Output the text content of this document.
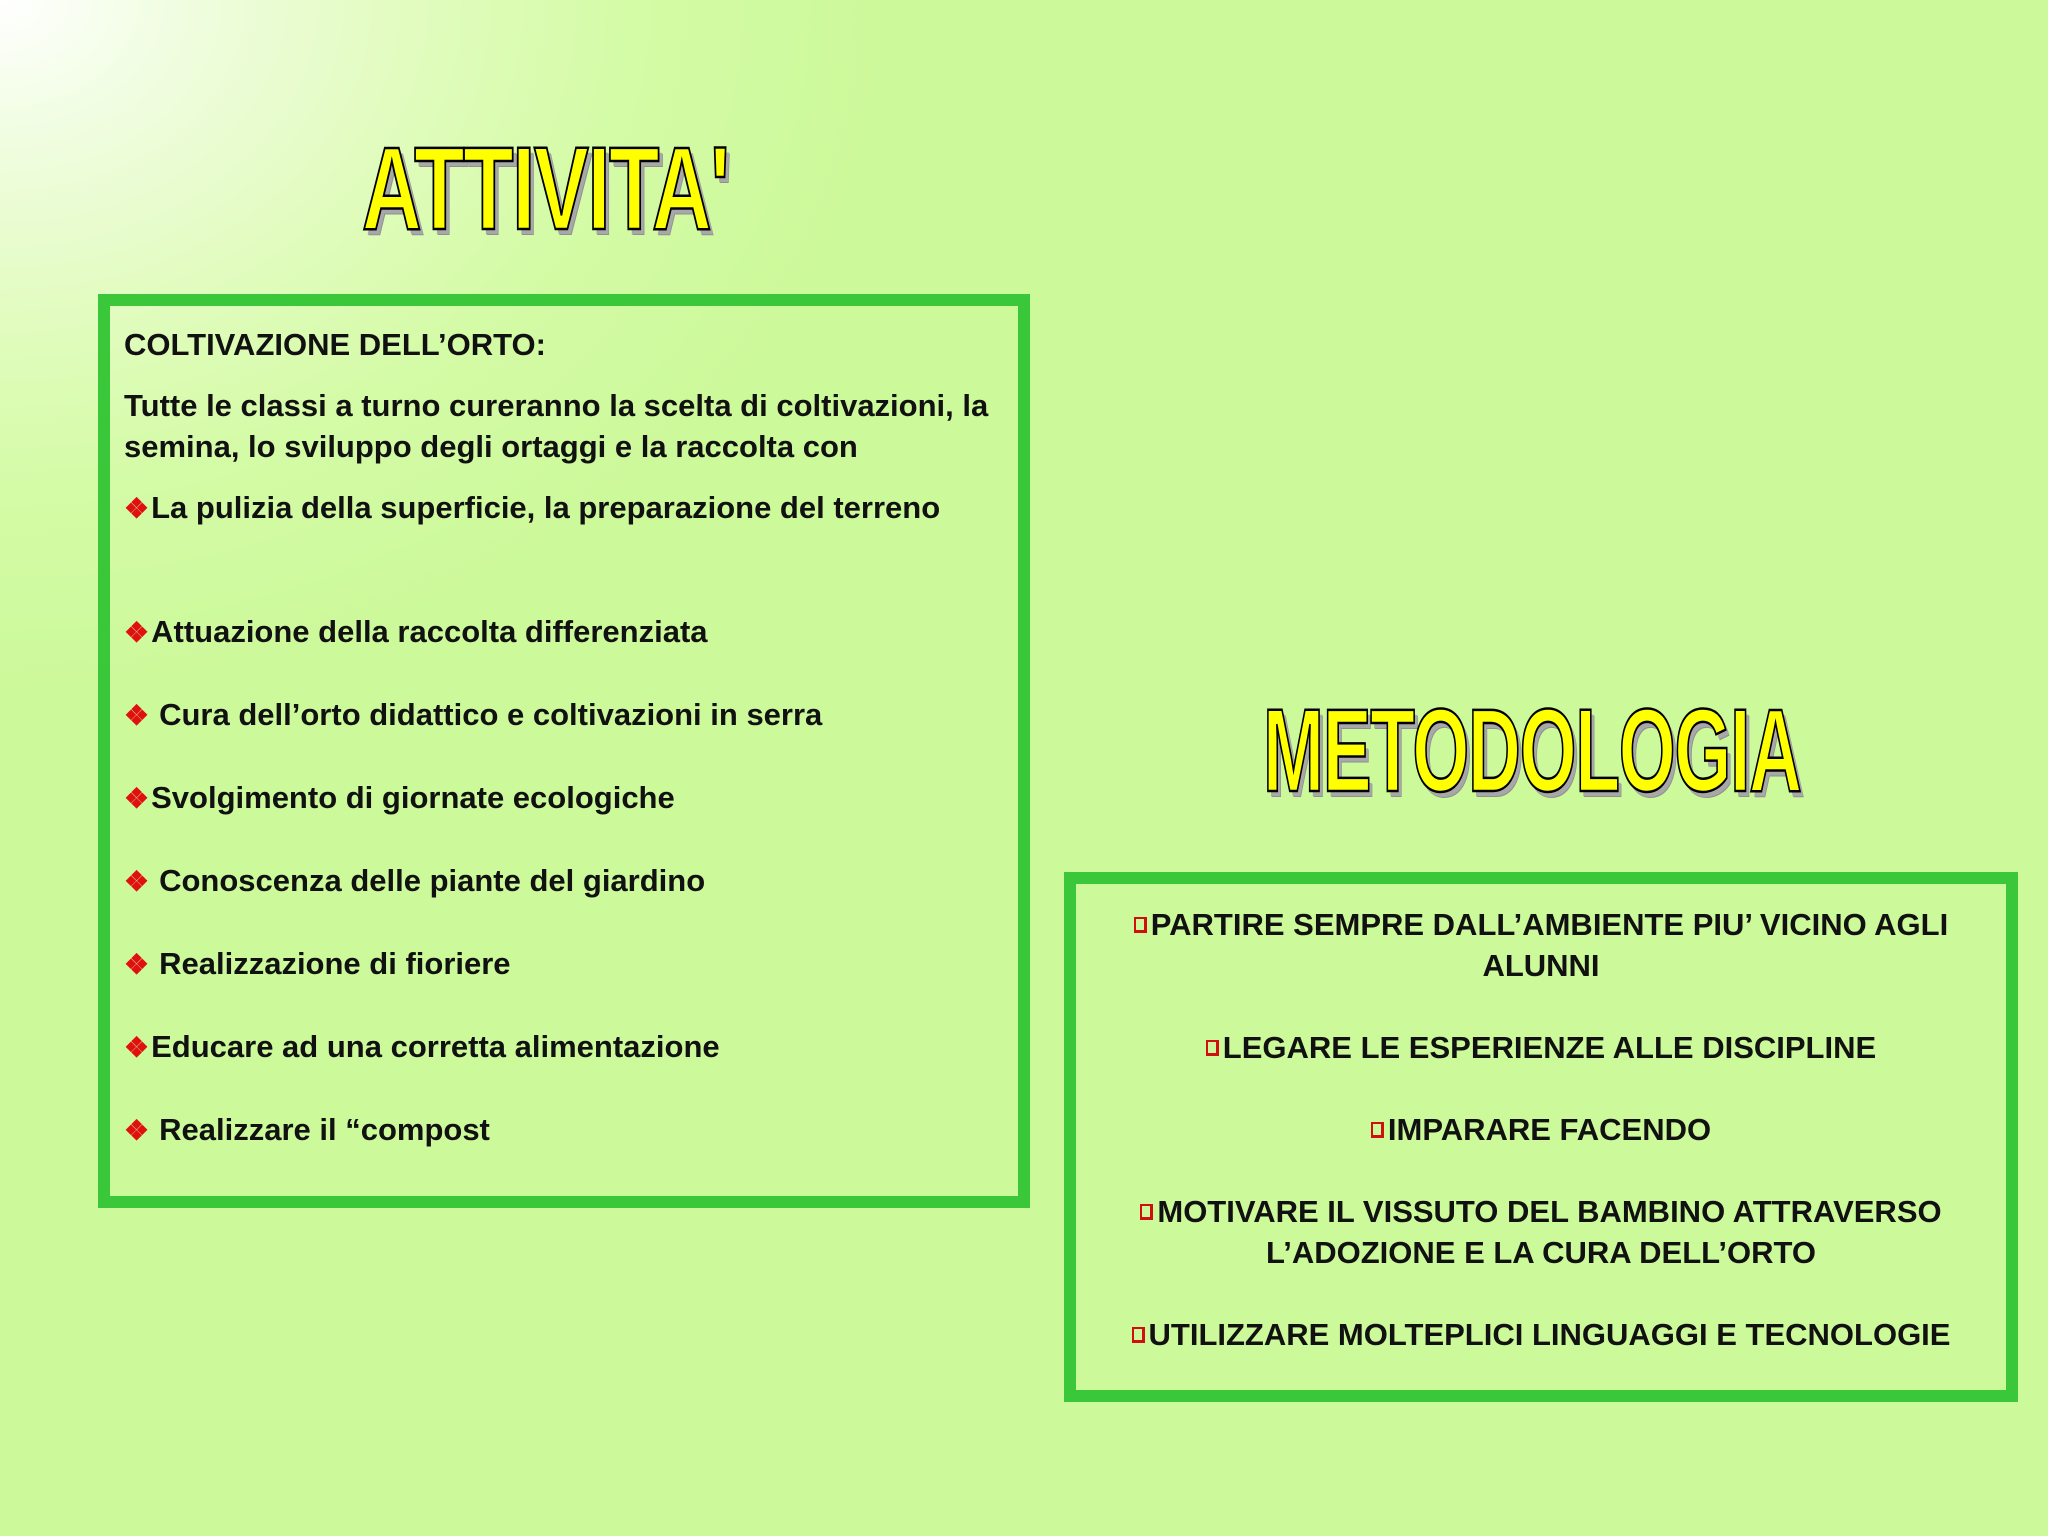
ATTIVITA'

COLTIVAZIONE DELL’ORTO:

Tutte le classi a turno cureranno la scelta di coltivazioni, la semina, lo sviluppo degli ortaggi e la raccolta con

❖La pulizia della superficie, la preparazione del terreno

❖Attuazione della raccolta differenziata

❖ Cura dell’orto didattico e coltivazioni in serra

❖Svolgimento di giornate ecologiche

❖ Conoscenza delle piante del giardino

❖ Realizzazione di fioriere

❖Educare ad una corretta alimentazione

❖ Realizzare il “compost

METODOLOGIA

PARTIRE SEMPRE DALL’AMBIENTE PIU’ VICINO AGLI ALUNNI

LEGARE LE ESPERIENZE ALLE DISCIPLINE

IMPARARE FACENDO

MOTIVARE IL VISSUTO DEL BAMBINO ATTRAVERSO L’ADOZIONE E LA CURA DELL’ORTO

UTILIZZARE MOLTEPLICI LINGUAGGI E TECNOLOGIE
